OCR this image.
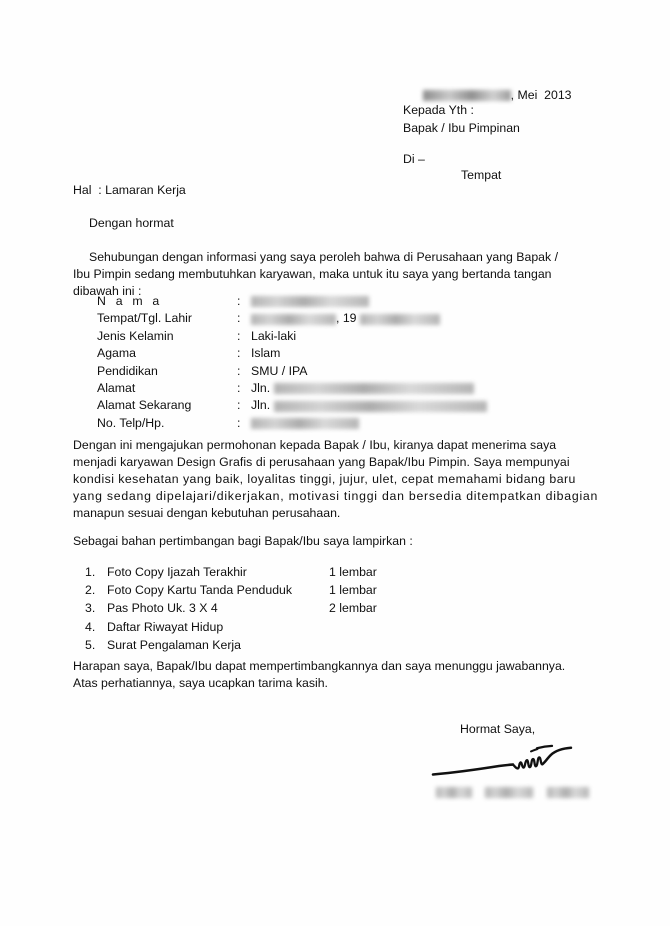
, Mei  2013

Kepada Yth :
Bapak / Ibu Pimpinan
Di –
Tempat
Hal  : Lamaran Kerja
Dengan hormat
Sehubungan dengan informasi yang saya peroleh bahwa di Perusahaan yang Bapak /
Ibu Pimpin sedang membutuhkan karyawan, maka untuk itu saya yang bertanda tangan
dibawah ini :
N a m a	:	
Tempat/Tgl. Lahir	:	, 19
Jenis Kelamin	:	Laki-laki
Agama	:	Islam
Pendidikan	:	SMU / IPA
Alamat	:	Jln.
Alamat Sekarang	:	Jln.
No. Telp/Hp.	:	
Dengan ini mengajukan permohonan kepada Bapak / Ibu, kiranya dapat menerima saya
menjadi karyawan Design Grafis di perusahaan yang Bapak/Ibu Pimpin. Saya mempunyai
kondisi kesehatan yang baik, loyalitas tinggi, jujur, ulet, cepat memahami bidang baru
yang sedang dipelajari/dikerjakan, motivasi tinggi dan bersedia ditempatkan dibagian
manapun sesuai dengan kebutuhan perusahaan.
Sebagai bahan pertimbangan bagi Bapak/Ibu saya lampirkan :
1.	Foto Copy Ijazah Terakhir	1 lembar
2.	Foto Copy Kartu Tanda Penduduk	1 lembar
3.	Pas Photo Uk. 3 X 4	2 lembar
4.	Daftar Riwayat Hidup	
5.	Surat Pengalaman Kerja	
Harapan saya, Bapak/Ibu dapat mempertimbangkannya dan saya menunggu jawabannya.
Atas perhatiannya, saya ucapkan tarima kasih.
Hormat Saya,
